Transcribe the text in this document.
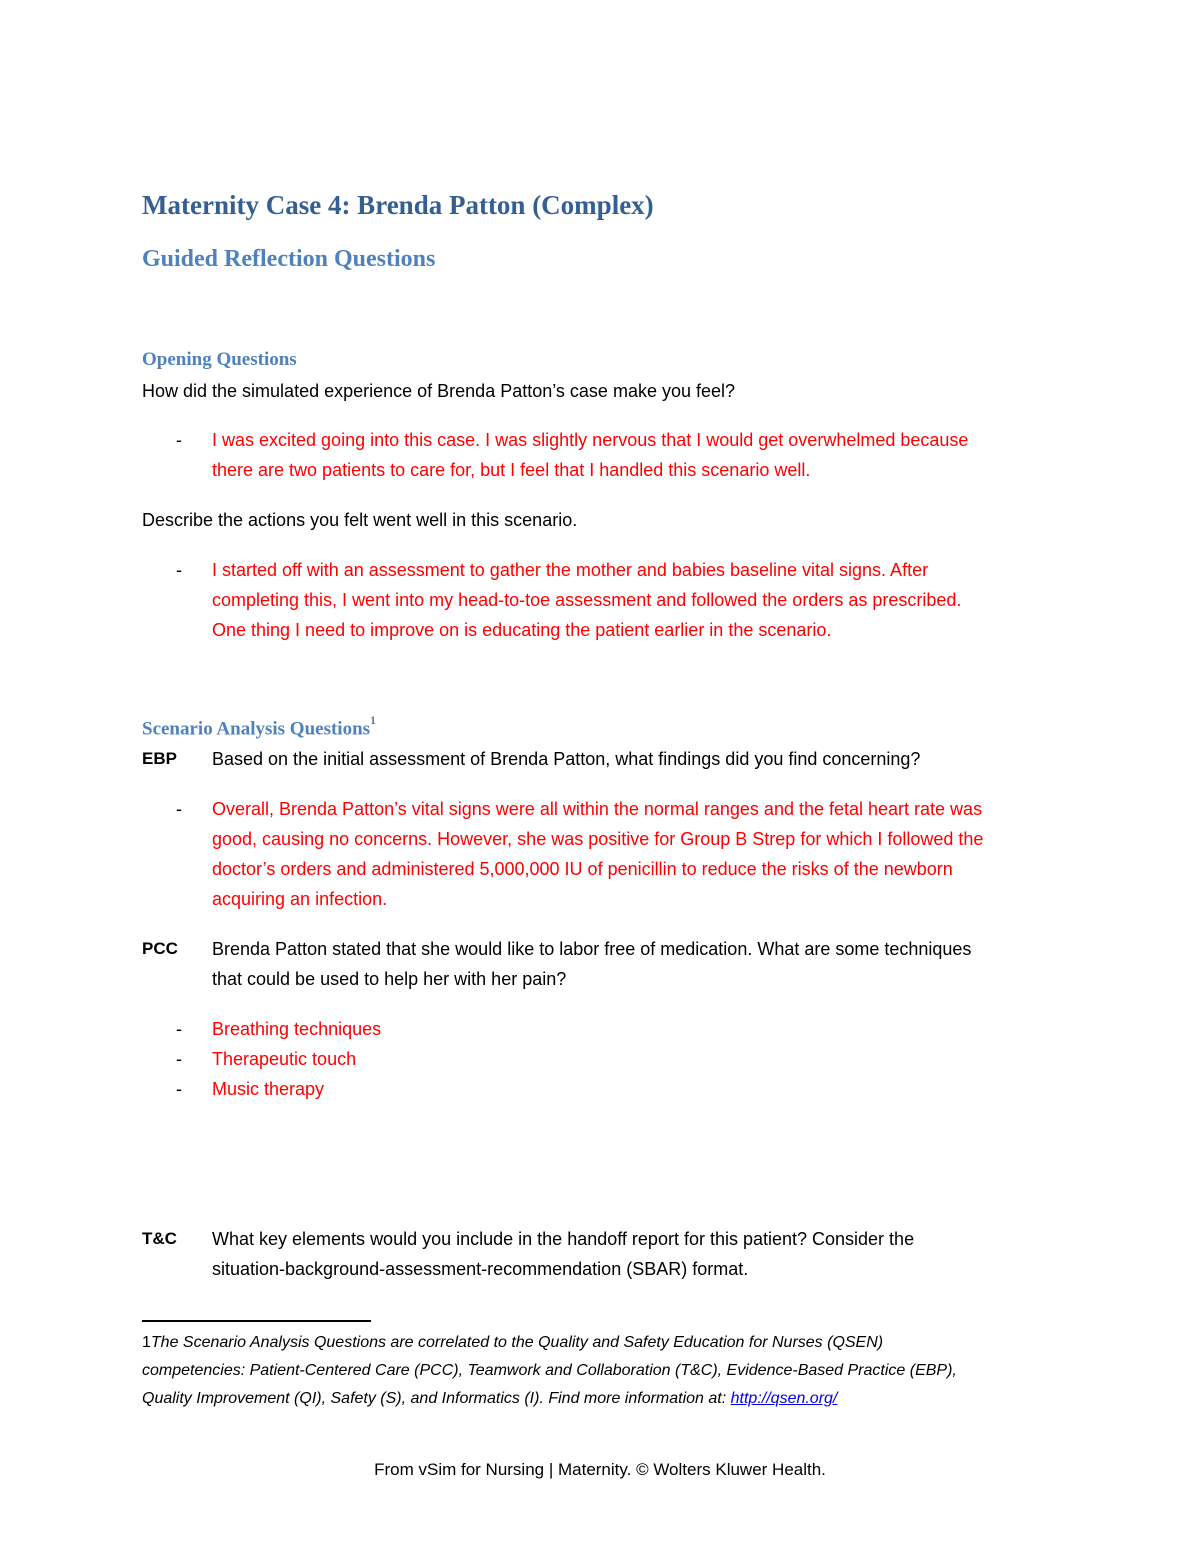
Maternity Case 4: Brenda Patton (Complex)
Guided Reflection Questions
Opening Questions
How did the simulated experience of Brenda Patton’s case make you feel?
- I was excited going into this case. I was slightly nervous that I would get overwhelmed because
there are two patients to care for, but I feel that I handled this scenario well.
Describe the actions you felt went well in this scenario.
- I started off with an assessment to gather the mother and babies baseline vital signs. After
completing this, I went into my head-to-toe assessment and followed the orders as prescribed.
One thing I need to improve on is educating the patient earlier in the scenario.
Scenario Analysis Questions$^1$
EBP Based on the initial assessment of Brenda Patton, what findings did you find concerning?
- Overall, Brenda Patton’s vital signs were all within the normal ranges and the fetal heart rate was
good, causing no concerns. However, she was positive for Group B Strep for which I followed the
doctor’s orders and administered 5,000,000 IU of penicillin to reduce the risks of the newborn
acquiring an infection.
PCC Brenda Patton stated that she would like to labor free of medication. What are some techniques
that could be used to help her with her pain?
- Breathing techniques
- Therapeutic touch
- Music therapy
T&C What key elements would you include in the handoff report for this patient? Consider the
situation-background-assessment-recommendation (SBAR) format.
1The Scenario Analysis Questions are correlated to the Quality and Safety Education for Nurses (QSEN)
competencies: Patient-Centered Care (PCC), Teamwork and Collaboration (T&C), Evidence-Based Practice (EBP),
Quality Improvement (QI), Safety (S), and Informatics (I). Find more information at: http://qsen.org/
From vSim for Nursing | Maternity. © Wolters Kluwer Health.
